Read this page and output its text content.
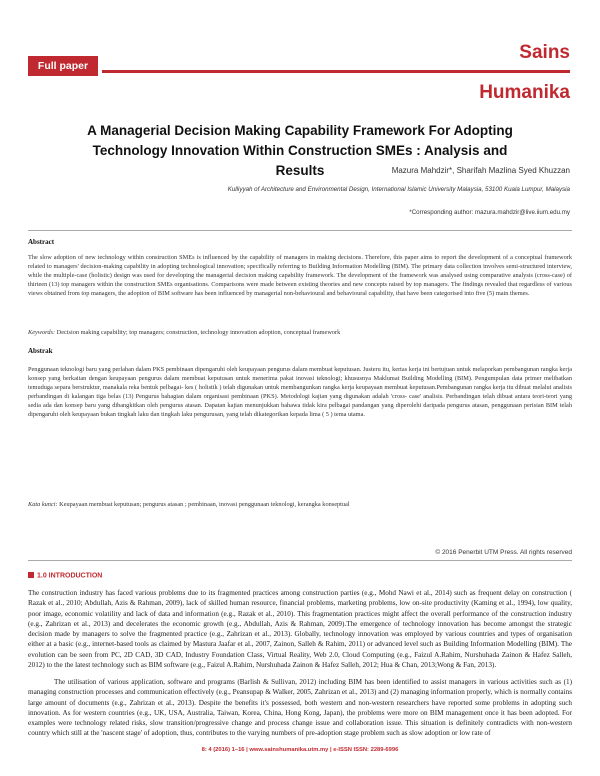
Full paper
Sains
Humanika
A Managerial Decision Making Capability Framework For Adopting Technology Innovation Within Construction SMEs : Analysis and Results	Mazura Mahdzir*, Sharifah Mazlina Syed Khuzzan
Kulliyyah of Architecture and Environmental Design, International Islamic University Malaysia, 53100 Kuala Lumpur, Malaysia
*Corresponding author: mazura.mahdzir@live.iium.edu.my
Abstract

The slow adoption of new technology within construction SMEs is influenced by the capability of managers in making decisions. Therefore, this paper aims to report the development of a conceptual framework related to managers' decision-making capability in adopting technological innovation; specifically referring to Building Information Modelling (BIM). The primary data collection involves semi-structured interview, while the multiple-case (holistic) design was used for developing the managerial decision making capability framework. The development of the framework was analysed using comparative analysis (cross-case) of thirteen (13) top managers within the construction SMEs organisations. Comparisons were made between existing theories and new concepts raised by top managers. The findings revealed that regardless of various views obtained from top managers, the adoption of BIM software has been influenced by managerial non-behavioural and behavioural capability, that have been categorised into five (5) main themes.

Keywords: Decision making capability; top managers; construction, technology innovation adoption, conceptual framework
Abstrak

Penggunaan teknologi baru yang perlahan dalam PKS pembinaan dipengaruhi oleh keupayaan pengurus dalam membuat keputusan. Justeru itu, kertas kerja ini bertujuan untuk melaporkan pembangunan rangka kerja konsep yang berkaitan dengan keupayaan pengurus dalam membuat keputusan untuk menerima pakai inovasi teknologi; khususnya Maklumat Building Modelling (BIM). Pengumpulan data primer melibatkan temuduga separa berstruktur, manakala reka bentuk pelbagai- kes ( holistik ) telah digunakan untuk membangunkan rangka kerja keupayaan membuat keputusan.Pembangunan rangka kerja itu dibuat melalui analisis perbandingan di kalangan tiga belas (13) Pengurus bahagian dalam organisasi pembinaan (PKS). Metodologi kajian yang digunakan adalah 'cross- case' analisis. Perbandingan telah dibuat antara teori-teori yang sedia ada dan konsep baru yang dibangkitkan oleh pengurus atasan. Dapatan kajian menunjukkan bahawa tidak kira pelbagai pandangan yang diperolehi daripada pengurus atasan, penggunaan perisian BIM telah dipengaruhi oleh keupayaan bukan tingkah laku dan tingkah laku pengurusan, yang telah dikategorikan kepada lima ( 5 ) tema utama.

Kata kunci: Keupayaan membuat keputusan; pengurus atasan ; pembinaan, inovasi penggunaan teknologi, kerangka konseptual
© 2016 Penerbit UTM Press. All rights reserved
1.0 INTRODUCTION

The construction industry has faced various problems due to its fragmented practices among construction parties (e.g., Mohd Nawi et al., 2014) such as frequent delay on construction ( Razak et al., 2010; Abdullah, Azis & Rahman, 2009), lack of skilled human resource, financial problems, marketing problems, low on-site productivity (Kaming et al., 1994), low quality, poor image, economic volatility and lack of data and information (e.g., Razak et al., 2010). This fragmentation practices might affect the overall performance of the construction industry (e.g., Zahrizan et al., 2013) and decelerates the economic growth (e.g., Abdullah, Azis & Rahman, 2009).The emergence of technology innovation has become amongst the strategic decision made by managers to solve the fragmented practice (e.g., Zahrizan et al., 2013). Globally, technology innovation was employed by various countries and types of organisation either at a basic (e.g., internet-based tools as claimed by Mastura Jaafar et al., 2007, Zainon, Salleh & Rahim, 2011) or advanced level such as Building Information Modelling (BIM). The evolution can be seen from PC, 2D CAD, 3D CAD, Industry Foundation Class, Virtual Reality, Web 2.0, Cloud Computing (e.g., Faizul A.Rahim, Nurshuhada Zainon & Hafez Salleh, 2012) to the the latest technology such as BIM software (e.g., Faizul A.Rahim, Nurshuhada Zainon & Hafez Salleh, 2012; Hua & Chan, 2013;Wong & Fan, 2013).

The utilisation of various application, software and programs (Barlish & Sullivan, 2012) including BIM has been identified to assist managers in various activities such as (1) managing construction processes and communication effectively (e.g., Peansupap & Walker, 2005, Zahrizan et al., 2013) and (2) managing information properly, which is normally contains large amount of documents (e.g., Zahrizan et al., 2013). Despite the benefits it's possessed, both western and non-western researchers have reported some problems in adopting such innovation. As for western countries (e.g., UK, USA, Australia, Taiwan, Korea, China, Hong Kong, Japan), the problems were more on BIM management once it has been adopted. For examples were technology related risks, slow transition/progressive change and process change issue and collaboration issue. This situation is definitely contradicts with non-western country which still at the 'nascent stage' of adoption, thus, contributes to the varying numbers of pre-adoption stage problem such as slow adoption or low rate of

8: 4 (2016) 1–16 | www.sainshumanika.utm.my | e-ISSN ISSN: 2289-6996
